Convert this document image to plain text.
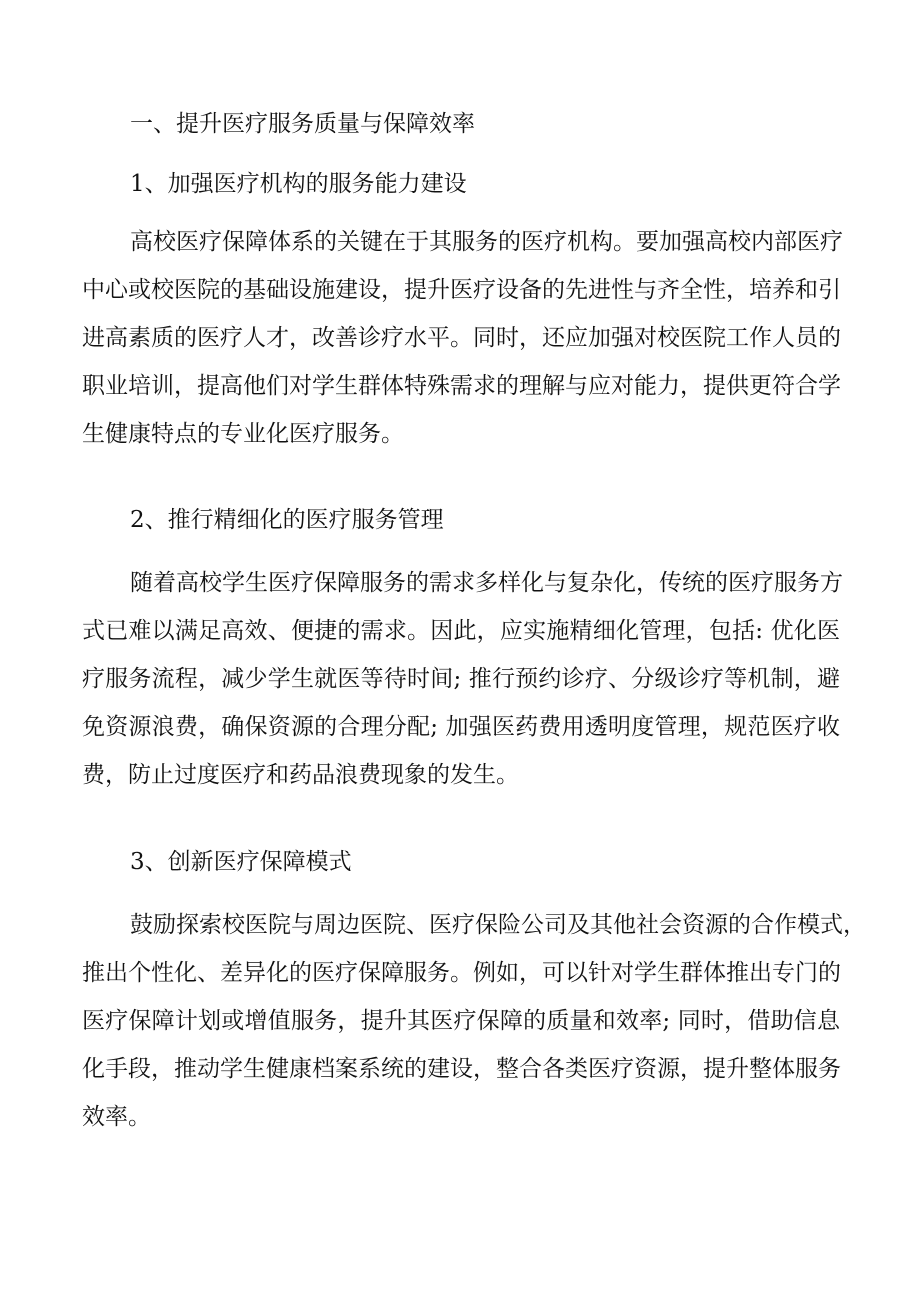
一、提升医疗服务质量与保障效率
1、加强医疗机构的服务能力建设
高校医疗保障体系的关键在于其服务的医疗机构。要加强高校内部医疗
中心或校医院的基础设施建设，提升医疗设备的先进性与齐全性，培养和引
进高素质的医疗人才，改善诊疗水平。同时，还应加强对校医院工作人员的
职业培训，提高他们对学生群体特殊需求的理解与应对能力，提供更符合学
生健康特点的专业化医疗服务。
2、推行精细化的医疗服务管理
随着高校学生医疗保障服务的需求多样化与复杂化，传统的医疗服务方
式已难以满足高效、便捷的需求。因此，应实施精细化管理，包括: 优化医
疗服务流程，减少学生就医等待时间; 推行预约诊疗、分级诊疗等机制，避
免资源浪费，确保资源的合理分配; 加强医药费用透明度管理，规范医疗收
费，防止过度医疗和药品浪费现象的发生。
3、创新医疗保障模式
鼓励探索校医院与周边医院、医疗保险公司及其他社会资源的合作模式，
推出个性化、差异化的医疗保障服务。例如，可以针对学生群体推出专门的
医疗保障计划或增值服务，提升其医疗保障的质量和效率; 同时，借助信息
化手段，推动学生健康档案系统的建设，整合各类医疗资源，提升整体服务
效率。
